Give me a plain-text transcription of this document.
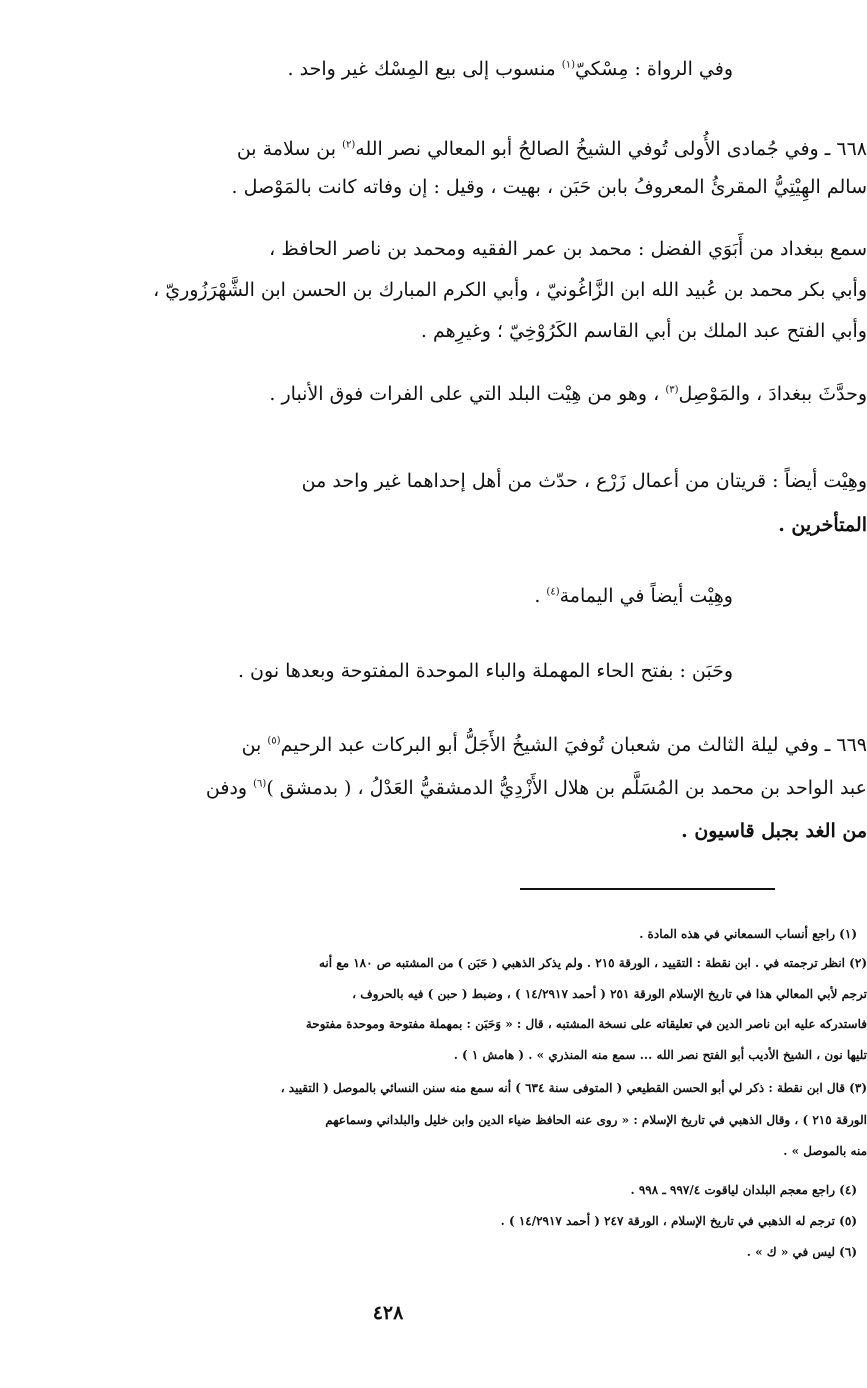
وفي الرواة : مِسْكيّ$^{(١)}$ منسوب إلى بيع المِسْك غير واحد .
٦٦٨ ـ وفي جُمادى الأُولى تُوفي الشيخُ الصالحُ أبو المعالي نصر الله$^{(٢)}$ بن سلامة بن
سالم الهِيْتِيُّ المقرئُ المعروفُ بابن حَبَن ، بهيت ، وقيل : إن وفاته كانت بالمَوْصل .
سمع ببغداد من أَبَوَي الفضل : محمد بن عمر الفقيه ومحمد بن ناصر الحافظ ،
وأبي بكر محمد بن عُبيد الله ابن الزَّاغُونيّ ، وأبي الكرم المبارك بن الحسن ابن الشَّهْرَزُوريّ ،
وأبي الفتح عبد الملك بن أبي القاسم الكَرُوْخِيّ ؛ وغيرِهم .
وحدَّثَ ببغدادَ ، والمَوْصِل$^{(٣)}$ ، وهو من هِيْت البلد التي على الفرات فوق الأنبار .
وهِيْت أيضاً : قريتان من أعمال زَرْع ، حدّث من أهل إحداهما غير واحد من
المتأخرين .
وهِيْت أيضاً في اليمامة$^{(٤)}$ .
وحَبَن : بفتح الحاء المهملة والباء الموحدة المفتوحة وبعدها نون .
٦٦٩ ـ وفي ليلة الثالث من شعبان تُوفيَ الشيخُ الأَجَلُّ أبو البركات عبد الرحيم$^{(٥)}$ بن
عبد الواحد بن محمد بن المُسَلَّم بن هلال الأَزْدِيُّ الدمشقيُّ العَدْلُ ، ( بدمشق )$^{(٦)}$ ودفن
من الغد بجبل قاسيون .
(١) راجع أنساب السمعاني في هذه المادة .
(٢) انظر ترجمته في . ابن نقطة : التقييد ، الورقة ٢١٥ . ولم يذكر الذهبي ( حَبَن ) من المشتبه ص ١٨٠ مع أنه
ترجم لأبي المعالي هذا في تاريخ الإسلام الورقة ٢٥١ ( أحمد ١٤/٢٩١٧ ) ، وضبط ( حبن ) فيه بالحروف ،
فاستدركه عليه ابن ناصر الدين في تعليقاته على نسخة المشتبه ، قال : « وَحَبَن : بمهملة مفتوحة وموحدة مفتوحة
تليها نون ، الشيخ الأديب أبو الفتح نصر الله ... سمع منه المنذري » . ( هامش ١ ) .
(٣) قال ابن نقطة : ذكر لي أبو الحسن القطيعي ( المتوفى سنة ٦٣٤ ) أنه سمع منه سنن النسائي بالموصل ( التقييد ،
الورقة ٢١٥ ) ، وقال الذهبي في تاريخ الإسلام : « روى عنه الحافظ ضياء الدين وابن خليل والبلداني وسماعهم
منه بالموصل » .
(٤) راجع معجم البلدان لياقوت ٩٩٧/٤ ـ ٩٩٨ .
(٥) ترجم له الذهبي في تاريخ الإسلام ، الورقة ٢٤٧ ( أحمد ١٤/٢٩١٧ ) .
(٦) ليس في « ك » .
٤٢٨
